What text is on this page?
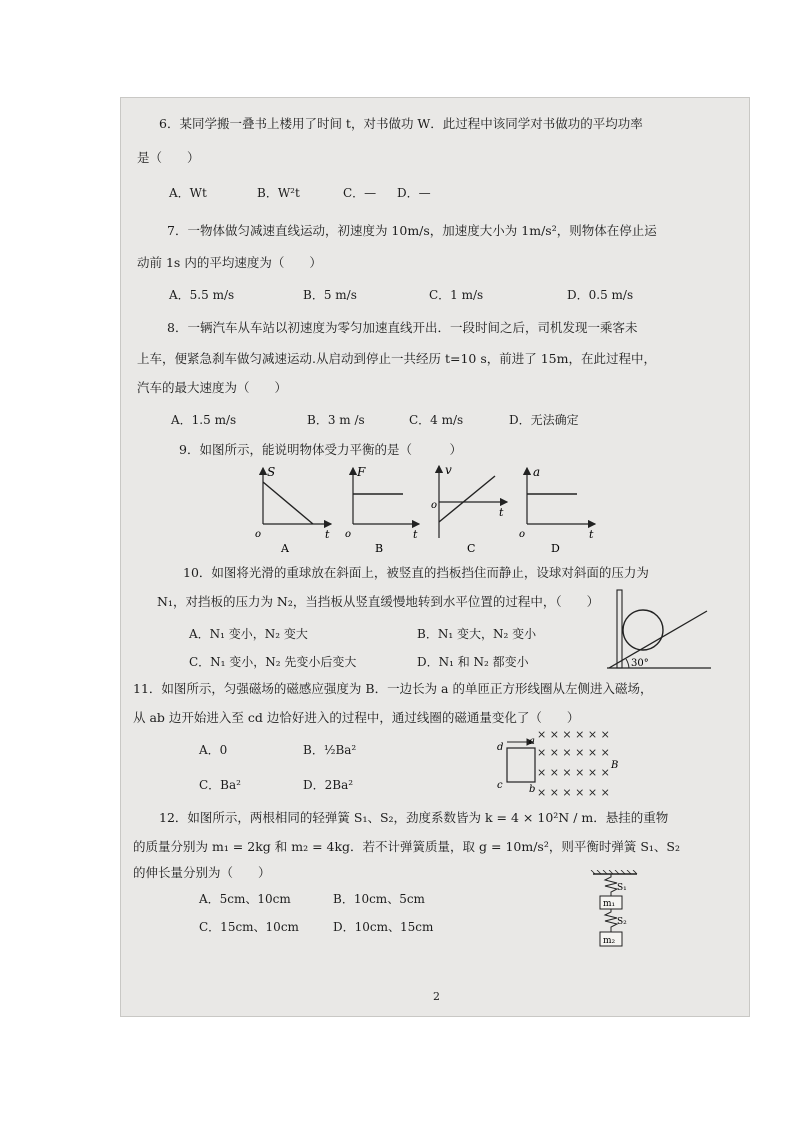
6．某同学搬一叠书上楼用了时间 t，对书做功 W．此过程中该同学对书做功的平均功率
是（　　）
A．Wt	B．W²t	C．— D．—
7．一物体做匀减速直线运动，初速度为 10m/s，加速度大小为 1m/s²，则物体在停止运
动前 1s 内的平均速度为（　　）
A．5.5 m/s	B．5 m/s	C．1 m/s	D．0.5 m/s
8．一辆汽车从车站以初速度为零匀加速直线开出．一段时间之后，司机发现一乘客未
上车，便紧急刹车做匀减速运动.从启动到停止一共经历 t=10 s，前进了 15m，在此过程中，
汽车的最大速度为（　　）
A．1.5 m/s	B．3 m /s	C．4 m/s	D．无法确定
9．如图所示，能说明物体受力平衡的是（　　　）
S
o	t
A
F
o	t
B
v
o
t
C
a
o	t
D
10．如图将光滑的重球放在斜面上，被竖直的挡板挡住而静止，设球对斜面的压力为
N₁，对挡板的压力为 N₂，当挡板从竖直缓慢地转到水平位置的过程中，（　　）
A．N₁ 变小，N₂ 变大	B．N₁ 变大，N₂ 变小
C．N₁ 变小，N₂ 先变小后变大	D．N₁ 和 N₂ 都变小	30°
11．如图所示，匀强磁场的磁感应强度为 B．一边长为 a 的单匝正方形线圈从左侧进入磁场，
从 ab 边开始进入至 cd 边恰好进入的过程中，通过线圈的磁通量变化了（　　）
A．0	B．½Ba²
C．Ba²	D．2Ba²
d
a
c	b
B
× × × × × ×
× × × × × ×
× × × × × ×
× × × × × ×
12．如图所示，两根相同的轻弹簧 S₁、S₂，劲度系数皆为 k = 4 × 10²N / m．悬挂的重物
的质量分别为 m₁ = 2kg 和 m₂ = 4kg．若不计弹簧质量，取 g = 10m/s²，则平衡时弹簧 S₁、S₂
的伸长量分别为（　　）
A．5cm、10cm	B．10cm、5cm
C．15cm、10cm	D．10cm、15cm
S₁
m₁
S₂
m₂
2
